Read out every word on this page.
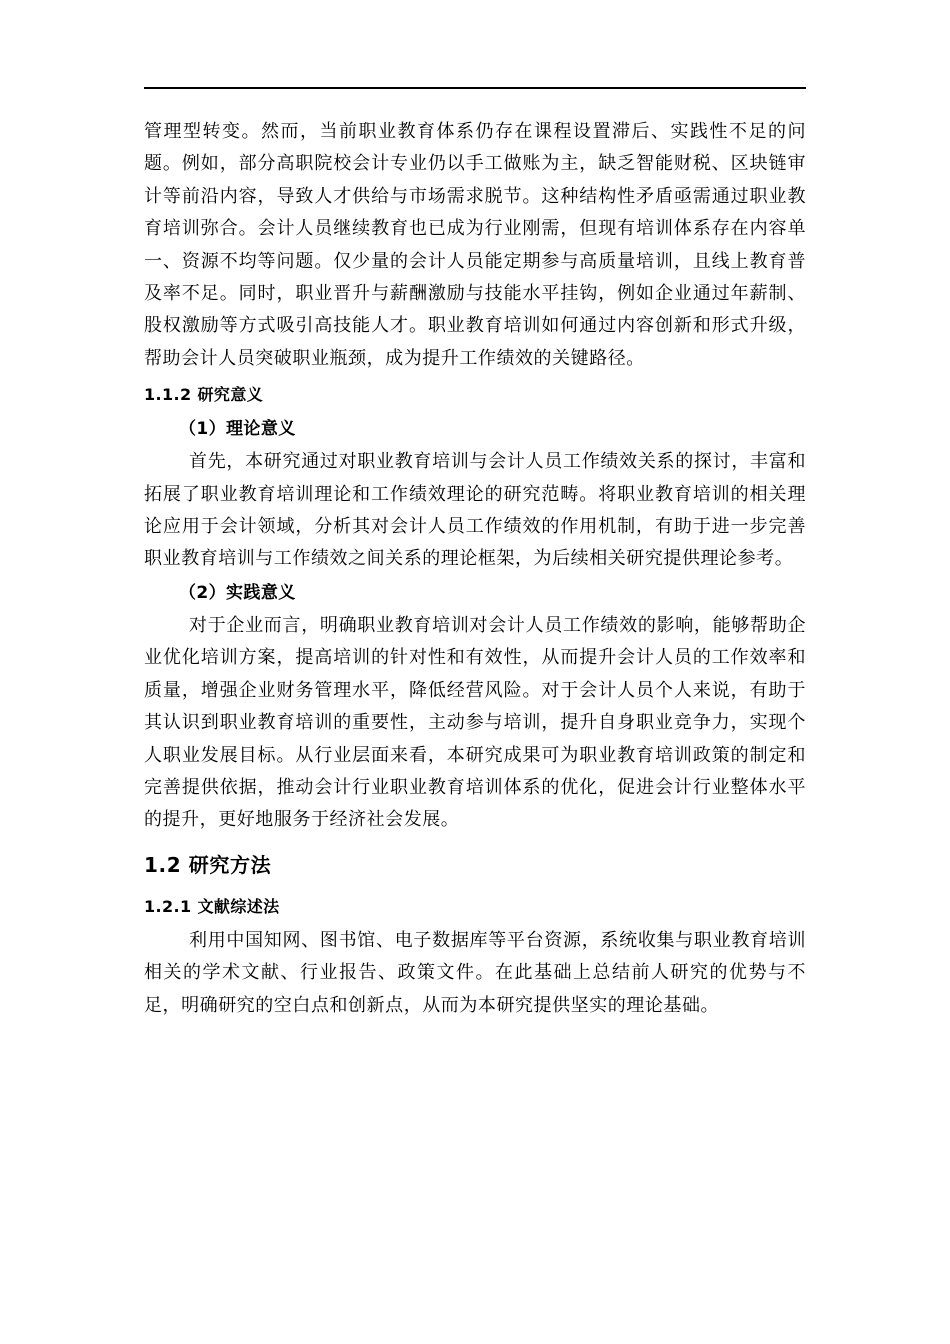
管理型转变。然而，当前职业教育体系仍存在课程设置滞后、实践性不足的问题。例如，部分高职院校会计专业仍以手工做账为主，缺乏智能财税、区块链审计等前沿内容，导致人才供给与市场需求脱节。这种结构性矛盾亟需通过职业教育培训弥合。会计人员继续教育也已成为行业刚需，但现有培训体系存在内容单一、资源不均等问题。仅少量的会计人员能定期参与高质量培训，且线上教育普及率不足。同时，职业晋升与薪酬激励与技能水平挂钩，例如企业通过年薪制、股权激励等方式吸引高技能人才。职业教育培训如何通过内容创新和形式升级，帮助会计人员突破职业瓶颈，成为提升工作绩效的关键路径。

1.1.2 研究意义
（1）理论意义

首先，本研究通过对职业教育培训与会计人员工作绩效关系的探讨，丰富和拓展了职业教育培训理论和工作绩效理论的研究范畴。将职业教育培训的相关理论应用于会计领域，分析其对会计人员工作绩效的作用机制，有助于进一步完善职业教育培训与工作绩效之间关系的理论框架，为后续相关研究提供理论参考。

（2）实践意义

对于企业而言，明确职业教育培训对会计人员工作绩效的影响，能够帮助企业优化培训方案，提高培训的针对性和有效性，从而提升会计人员的工作效率和质量，增强企业财务管理水平，降低经营风险。对于会计人员个人来说，有助于其认识到职业教育培训的重要性，主动参与培训，提升自身职业竞争力，实现个人职业发展目标。从行业层面来看，本研究成果可为职业教育培训政策的制定和完善提供依据，推动会计行业职业教育培训体系的优化，促进会计行业整体水平的提升，更好地服务于经济社会发展。

1.2 研究方法
1.2.1 文献综述法

利用中国知网、图书馆、电子数据库等平台资源，系统收集与职业教育培训相关的学术文献、行业报告、政策文件。在此基础上总结前人研究的优势与不足，明确研究的空白点和创新点，从而为本研究提供坚实的理论基础。
